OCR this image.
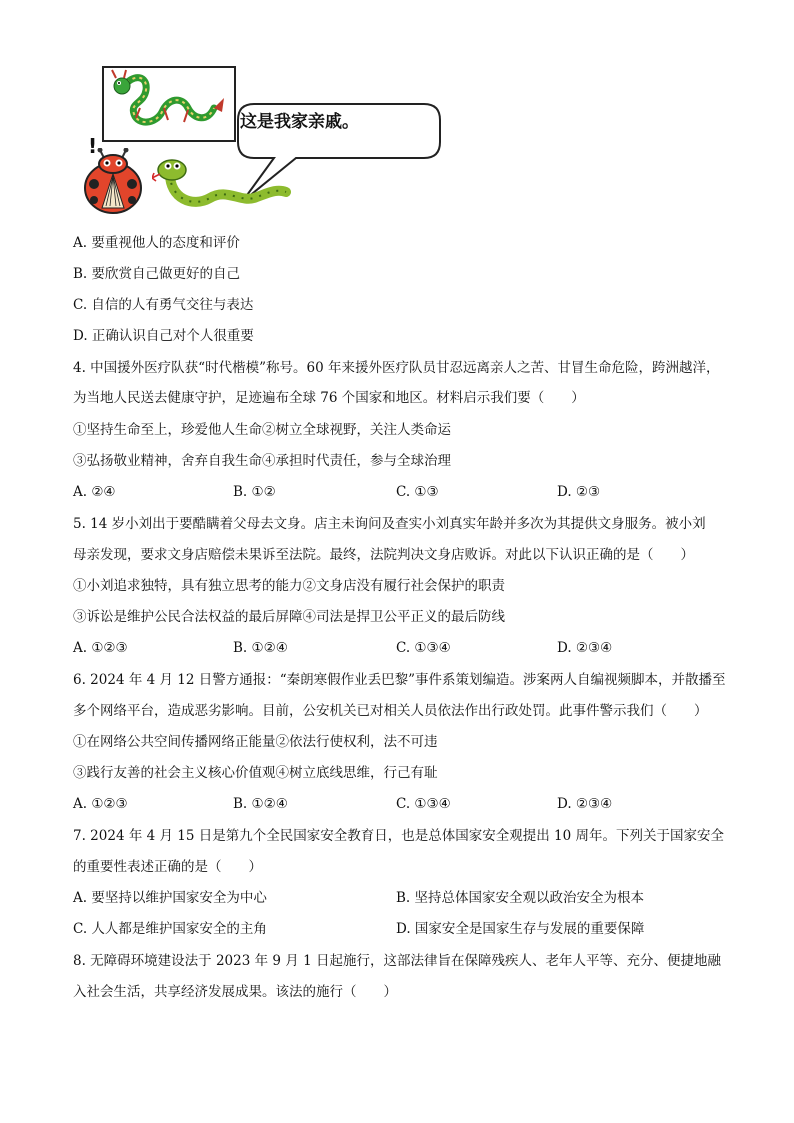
这是我家亲戚。
!
A. 要重视他人的态度和评价
B. 要欣赏自己做更好的自己
C. 自信的人有勇气交往与表达
D. 正确认识自己对个人很重要
4. 中国援外医疗队获“时代楷模”称号。60 年来援外医疗队员甘忍远离亲人之苦、甘冒生命危险，跨洲越洋，
为当地人民送去健康守护，足迹遍布全球 76 个国家和地区。材料启示我们要（　　）
①坚持生命至上，珍爱他人生命②树立全球视野，关注人类命运
③弘扬敬业精神，舍弃自我生命④承担时代责任，参与全球治理
A. ②④	B. ①②	C. ①③	D. ②③
5. 14 岁小刘出于要酷瞒着父母去文身。店主未询问及查实小刘真实年龄并多次为其提供文身服务。被小刘
母亲发现，要求文身店赔偿未果诉至法院。最终，法院判决文身店败诉。对此以下认识正确的是（　　）
①小刘追求独特，具有独立思考的能力②文身店没有履行社会保护的职责
③诉讼是维护公民合法权益的最后屏障④司法是捍卫公平正义的最后防线
A. ①②③	B. ①②④	C. ①③④	D. ②③④
6. 2024 年 4 月 12 日警方通报：“秦朗寒假作业丢巴黎”事件系策划编造。涉案两人自编视频脚本，并散播至
多个网络平台，造成恶劣影响。目前，公安机关已对相关人员依法作出行政处罚。此事件警示我们（　　）
①在网络公共空间传播网络正能量②依法行使权利，法不可违
③践行友善的社会主义核心价值观④树立底线思维，行己有耻
A. ①②③	B. ①②④	C. ①③④	D. ②③④
7. 2024 年 4 月 15 日是第九个全民国家安全教育日，也是总体国家安全观提出 10 周年。下列关于国家安全
的重要性表述正确的是（　　）
A. 要坚持以维护国家安全为中心	B. 坚持总体国家安全观以政治安全为根本
C. 人人都是维护国家安全的主角	D. 国家安全是国家生存与发展的重要保障
8. 无障碍环境建设法于 2023 年 9 月 1 日起施行，这部法律旨在保障残疾人、老年人平等、充分、便捷地融
入社会生活，共享经济发展成果。该法的施行（　　）
